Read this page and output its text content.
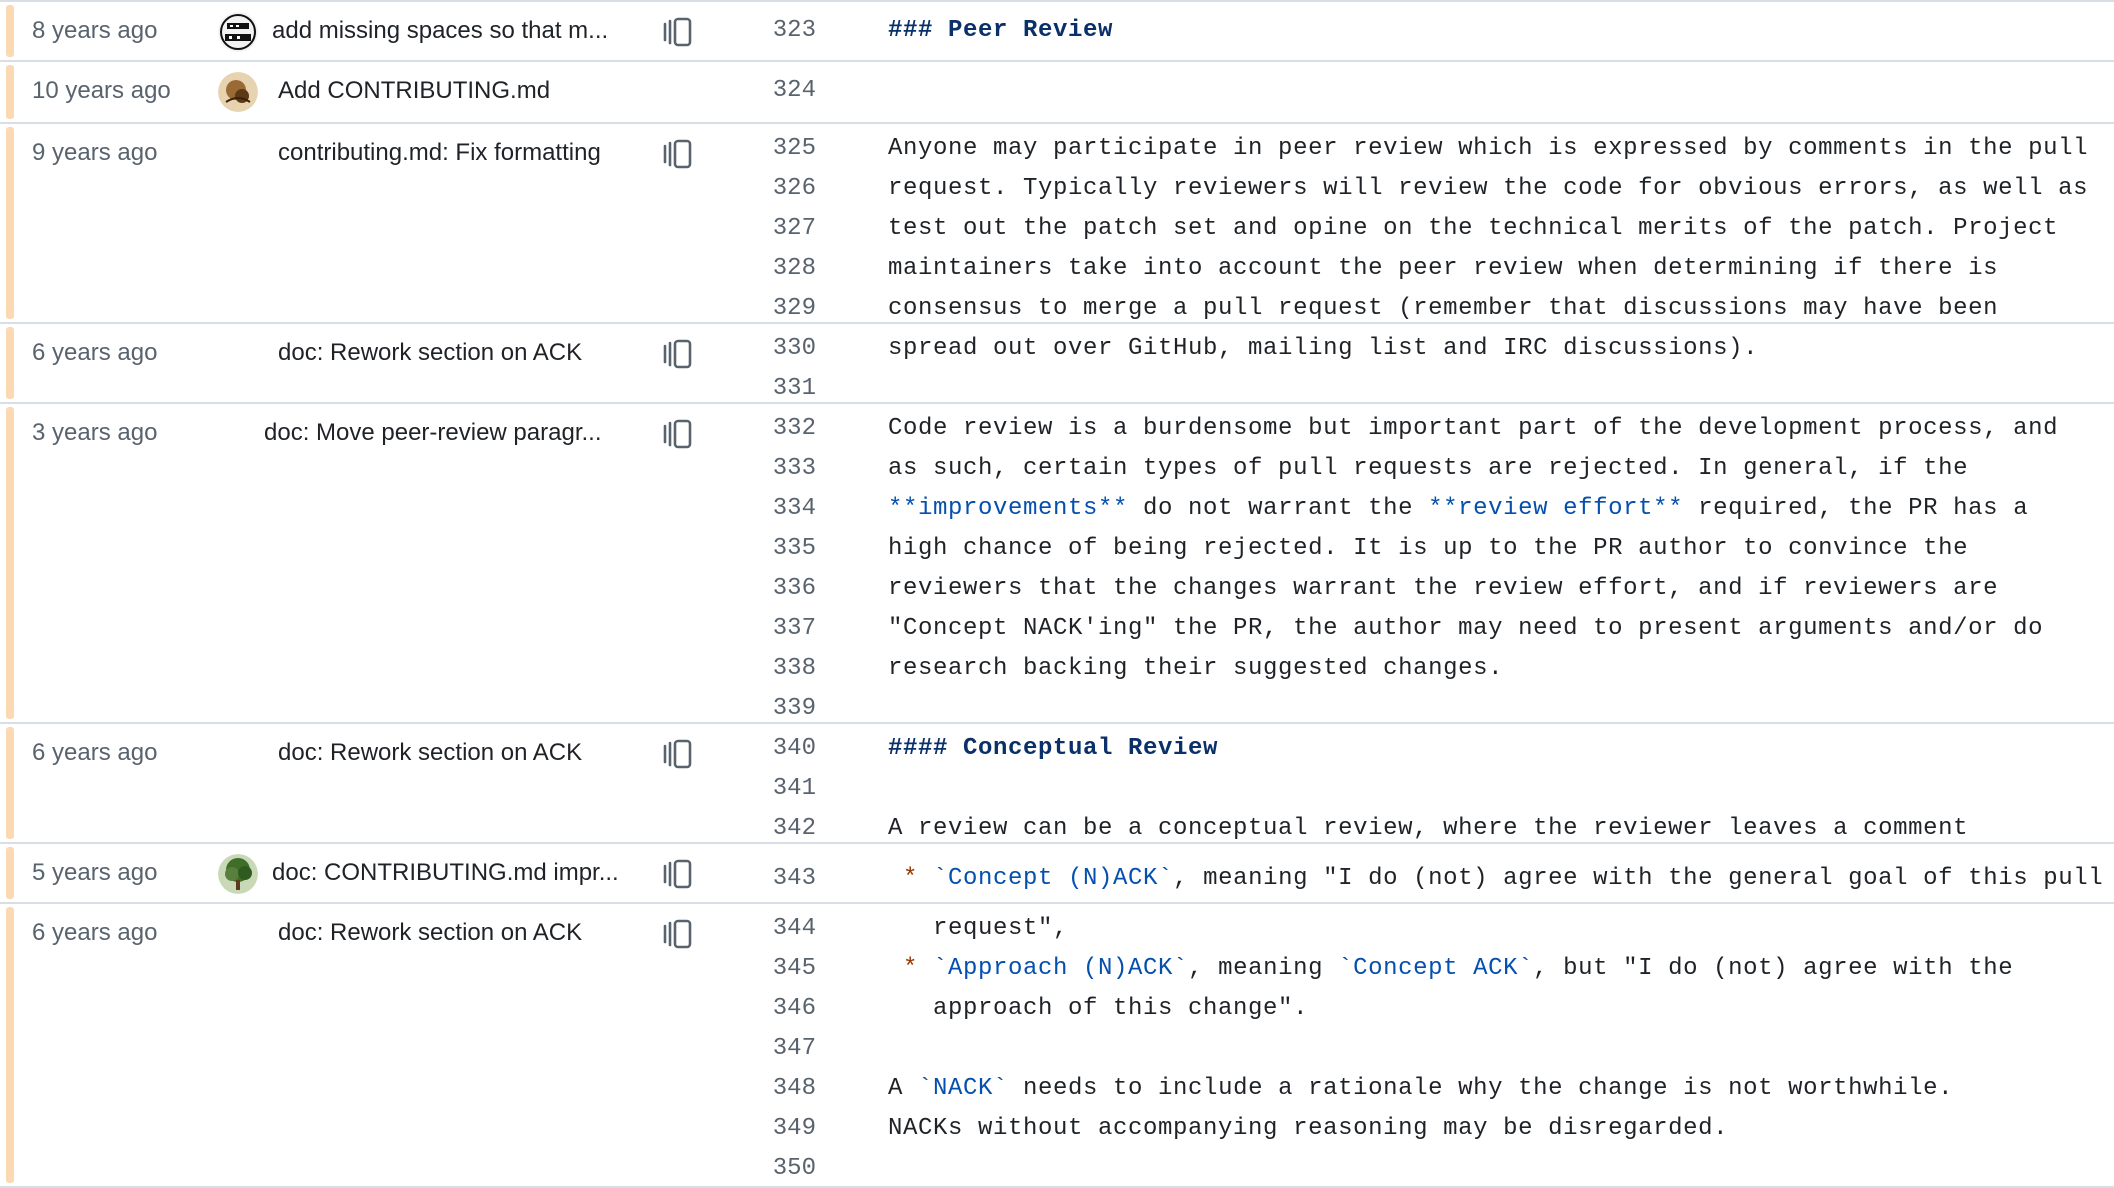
8 years ago	add missing spaces so that m...	323	### Peer Review
10 years ago	Add CONTRIBUTING.md	324
9 years ago	contributing.md: Fix formatting	325	Anyone may participate in peer review which is expressed by comments in the pull
326	request. Typically reviewers will review the code for obvious errors, as well as
327	test out the patch set and opine on the technical merits of the patch. Project
328	maintainers take into account the peer review when determining if there is
329	consensus to merge a pull request (remember that discussions may have been
6 years ago	doc: Rework section on ACK	330	spread out over GitHub, mailing list and IRC discussions).
331
3 years ago	doc: Move peer-review paragr...	332	Code review is a burdensome but important part of the development process, and
333	as such, certain types of pull requests are rejected. In general, if the
334	**improvements** do not warrant the **review effort** required, the PR has a
335	high chance of being rejected. It is up to the PR author to convince the
336	reviewers that the changes warrant the review effort, and if reviewers are
337	"Concept NACK'ing" the PR, the author may need to present arguments and/or do
338	research backing their suggested changes.
339
6 years ago	doc: Rework section on ACK	340	#### Conceptual Review
341
342	A review can be a conceptual review, where the reviewer leaves a comment
5 years ago	doc: CONTRIBUTING.md impr...	343	* `Concept (N)ACK`, meaning "I do (not) agree with the general goal of this pull
6 years ago	doc: Rework section on ACK	344	request",
345	* `Approach (N)ACK`, meaning `Concept ACK`, but "I do (not) agree with the
346	approach of this change".
347
348	A `NACK` needs to include a rationale why the change is not worthwhile.
349	NACKs without accompanying reasoning may be disregarded.
350
